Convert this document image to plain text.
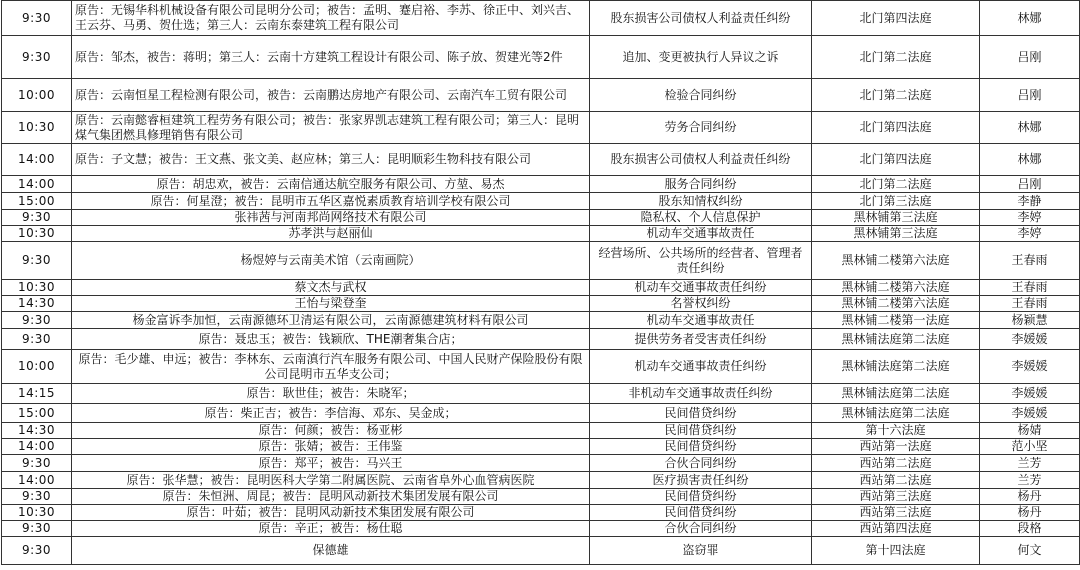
9:30	原告：无锡华科机械设备有限公司昆明分公司；被告：孟明、蹇启裕、李苏、徐正中、刘兴吉、王云芬、马勇、贺仕选；第三人：云南东泰建筑工程有限公司	股东损害公司债权人利益责任纠纷	北门第四法庭	林娜
9:30	原告：邹杰，被告：蒋明；第三人：云南十方建筑工程设计有限公司、陈子放、贺建光等2件	追加、变更被执行人异议之诉	北门第二法庭	吕刚
10:00	原告：云南恒星工程检测有限公司，被告：云南鹏达房地产有限公司、云南汽车工贸有限公司	检验合同纠纷	北门第二法庭	吕刚
10:30	原告：云南懿睿桓建筑工程劳务有限公司；被告：张家界凯志建筑工程有限公司；第三人：昆明煤气集团燃具修理销售有限公司	劳务合同纠纷	北门第四法庭	林娜
14:00	原告：子文慧；被告：王文燕、张文美、赵应林；第三人：昆明顺彩生物科技有限公司	股东损害公司债权人利益责任纠纷	北门第四法庭	林娜
14:00	原告：胡忠欢，被告：云南信通达航空服务有限公司、方堃、易杰	服务合同纠纷	北门第二法庭	吕刚
15:00	原告：何星澄；被告：昆明市五华区嘉悦素质教育培训学校有限公司	股东知情权纠纷	北门第三法庭	李静
9:30	张祎茜与河南邦尚网络技术有限公司	隐私权、个人信息保护	黑林铺第三法庭	李婷
10:30	苏孝洪与赵丽仙	机动车交通事故责任	黑林铺第三法庭	李婷
9:30	杨煜婷与云南美术馆（云南画院）	经营场所、公共场所的经营者、管理者责任纠纷	黑林铺二楼第六法庭	王春雨
10:30	蔡文杰与武权	机动车交通事故责任纠纷	黑林铺二楼第六法庭	王春雨
14:30	王怡与梁登奎	名誉权纠纷	黑林铺二楼第六法庭	王春雨
9:30	杨金富诉李加恒，云南源德环卫清运有限公司，云南源德建筑材料有限公司	机动车交通事故责任	黑林铺二楼第一法庭	杨颖慧
9:30	原告：聂忠玉；被告：钱颖欣、THE潮奢集合店；	提供劳务者受害责任纠纷	黑林铺法庭第二法庭	李媛媛
10:00	原告：毛少雄、申远；被告：李林东、云南滇行汽车服务有限公司、中国人民财产保险股份有限公司昆明市五华支公司；	机动车交通事故责任纠纷	黑林铺法庭第二法庭	李媛媛
14:15	原告：耿世佳；被告：朱晓军；	非机动车交通事故责任纠纷	黑林铺法庭第二法庭	李媛媛
15:00	原告：柴正吉；被告：李信海、邓东、吴金成；	民间借贷纠纷	黑林铺法庭第二法庭	李媛媛
14:30	原告：何颜；被告：杨亚彬	民间借贷纠纷	第十六法庭	杨婧
14:00	原告：张婧；被告：王伟鉴	民间借贷纠纷	西站第一法庭	范小坚
9:30	原告：郑平；被告：马兴王	合伙合同纠纷	西站第二法庭	兰芳
14:00	原告：张华慧；被告：昆明医科大学第二附属医院、云南省阜外心血管病医院	医疗损害责任纠纷	西站第二法庭	兰芳
9:30	原告：朱恒洲、周昆；被告：昆明风动新技术集团发展有限公司	民间借贷纠纷	西站第三法庭	杨丹
10:30	原告：叶茹；被告：昆明风动新技术集团发展有限公司	民间借贷纠纷	西站第三法庭	杨丹
9:30	原告：辛正；被告：杨仕聪	合伙合同纠纷	西站第四法庭	段格
9:30	保德雄	盗窃罪	第十四法庭	何文
